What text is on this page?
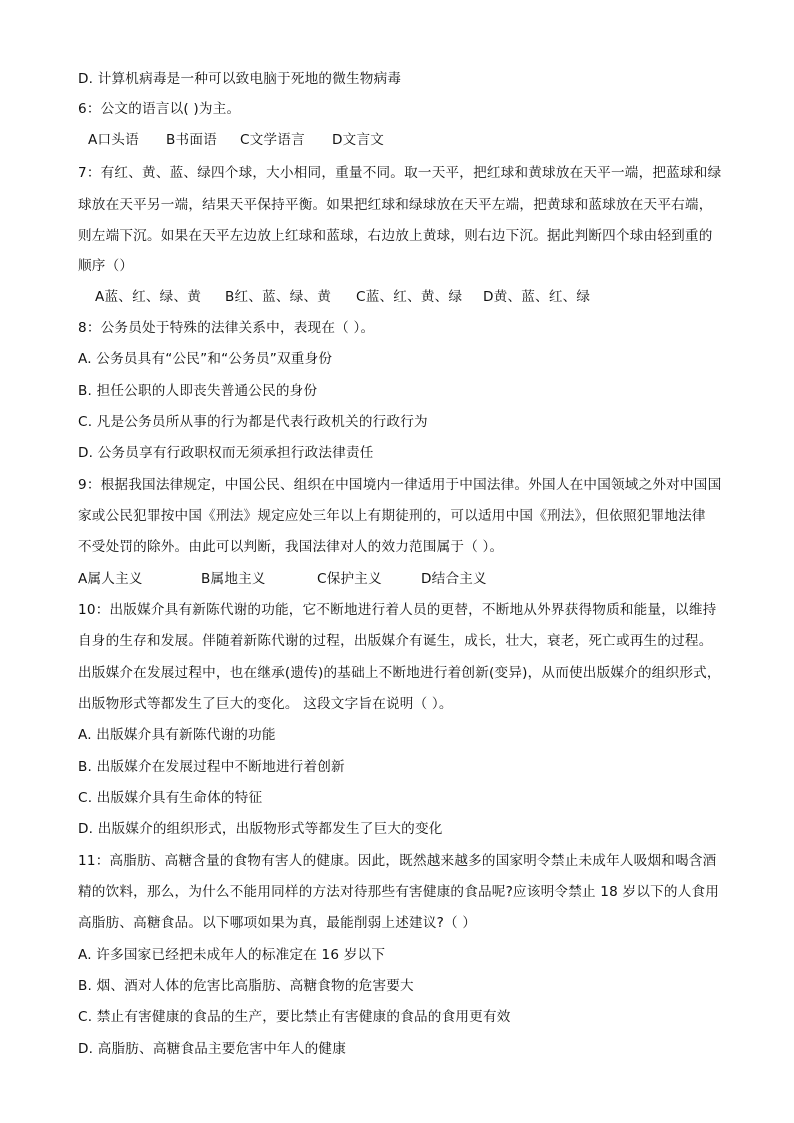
D. 计算机病毒是一种可以致电脑于死地的微生物病毒
6：公文的语言以( )为主。
A口头语 B书面语 C文学语言 D文言文
7：有红、黄、蓝、绿四个球，大小相同，重量不同。取一天平，把红球和黄球放在天平一端，把蓝球和绿
球放在天平另一端，结果天平保持平衡。如果把红球和绿球放在天平左端，把黄球和蓝球放在天平右端，
则左端下沉。如果在天平左边放上红球和蓝球，右边放上黄球，则右边下沉。据此判断四个球由轻到重的
顺序（）
A蓝、红、绿、黄 B红、蓝、绿、黄 C蓝、红、黄、绿 D黄、蓝、红、绿
8：公务员处于特殊的法律关系中，表现在（ ）。
A. 公务员具有“公民”和“公务员”双重身份
B. 担任公职的人即丧失普通公民的身份
C. 凡是公务员所从事的行为都是代表行政机关的行政行为
D. 公务员享有行政职权而无须承担行政法律责任
9：根据我国法律规定，中国公民、组织在中国境内一律适用于中国法律。外国人在中国领域之外对中国国
家或公民犯罪按中国《刑法》规定应处三年以上有期徒刑的，可以适用中国《刑法》，但依照犯罪地法律
不受处罚的除外。由此可以判断，我国法律对人的效力范围属于（ ）。
A属人主义	B属地主义	C保护主义	D结合主义
10：出版媒介具有新陈代谢的功能，它不断地进行着人员的更替，不断地从外界获得物质和能量，以维持
自身的生存和发展。伴随着新陈代谢的过程，出版媒介有诞生，成长，壮大，衰老，死亡或再生的过程。
出版媒介在发展过程中，也在继承(遗传)的基础上不断地进行着创新(变异)，从而使出版媒介的组织形式，
出版物形式等都发生了巨大的变化。 这段文字旨在说明（ ）。
A. 出版媒介具有新陈代谢的功能
B. 出版媒介在发展过程中不断地进行着创新
C. 出版媒介具有生命体的特征
D. 出版媒介的组织形式，出版物形式等都发生了巨大的变化
11：高脂肪、高糖含量的食物有害人的健康。因此，既然越来越多的国家明令禁止未成年人吸烟和喝含酒
精的饮料，那么，为什么不能用同样的方法对待那些有害健康的食品呢?应该明令禁止 18 岁以下的人食用
高脂肪、高糖食品。以下哪项如果为真，最能削弱上述建议?（ ）
A. 许多国家已经把未成年人的标准定在 16 岁以下
B. 烟、酒对人体的危害比高脂肪、高糖食物的危害要大
C. 禁止有害健康的食品的生产，要比禁止有害健康的食品的食用更有效
D. 高脂肪、高糖食品主要危害中年人的健康
